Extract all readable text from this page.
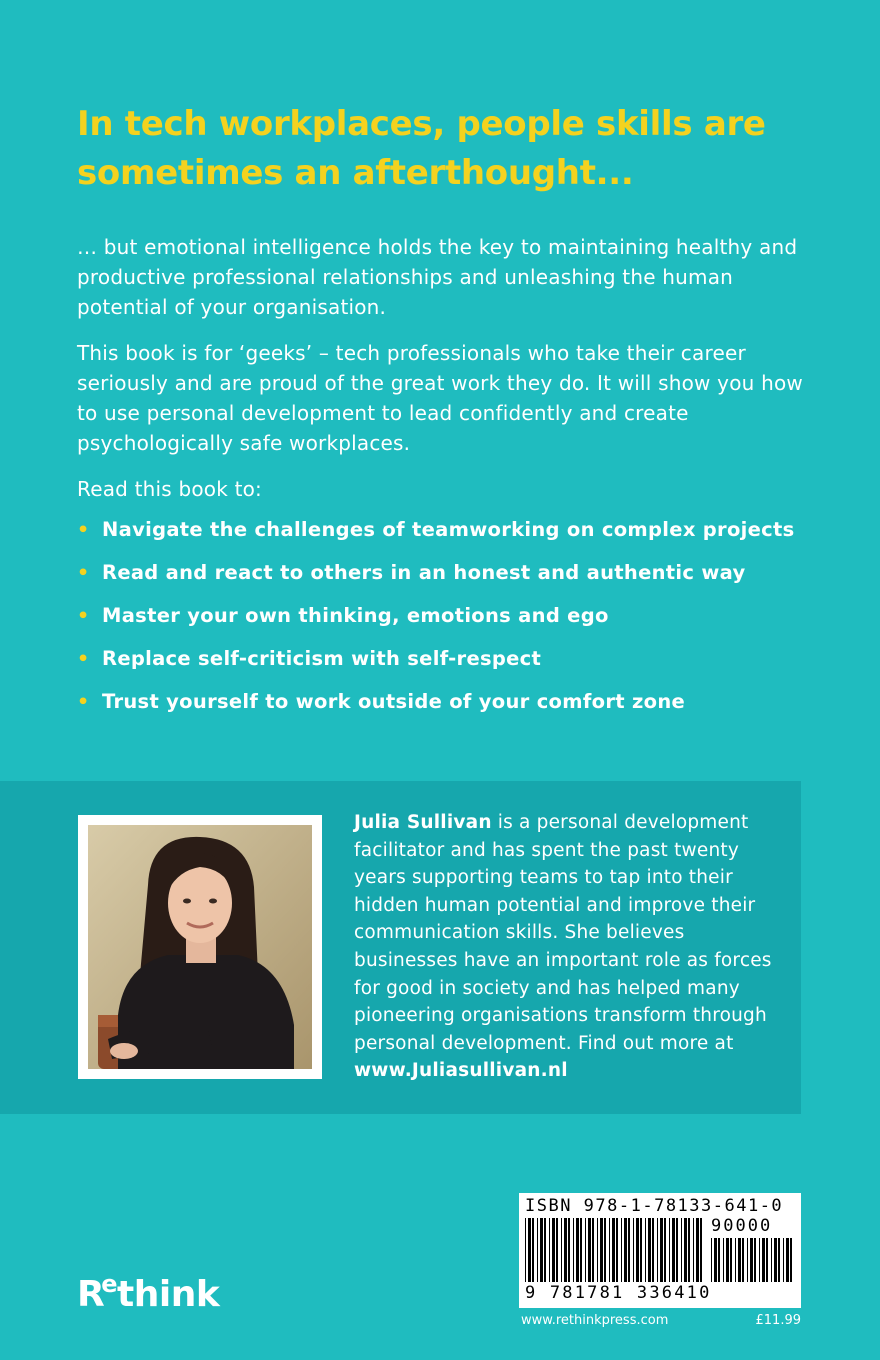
In tech workplaces, people skills are sometimes an afterthought...

… but emotional intelligence holds the key to maintaining healthy and productive professional relationships and unleashing the human potential of your organisation.

This book is for ‘geeks’ – tech professionals who take their career seriously and are proud of the great work they do. It will show you how to use personal development to lead confidently and create psychologically safe workplaces.

Read this book to:

• Navigate the challenges of teamworking on complex projects
• Read and react to others in an honest and authentic way
• Master your own thinking, emotions and ego
• Replace self-criticism with self-respect
• Trust yourself to work outside of your comfort zone

Julia Sullivan is a personal development facilitator and has spent the past twenty years supporting teams to tap into their hidden human potential and improve their communication skills. She believes businesses have an important role as forces for good in society and has helped many pioneering organisations transform through personal development. Find out more at www.Juliasullivan.nl

$R^ethink$
ISBN 978-1-78133-641-0
90000
9 781781 336410
www.rethinkpress.com	£11.99
